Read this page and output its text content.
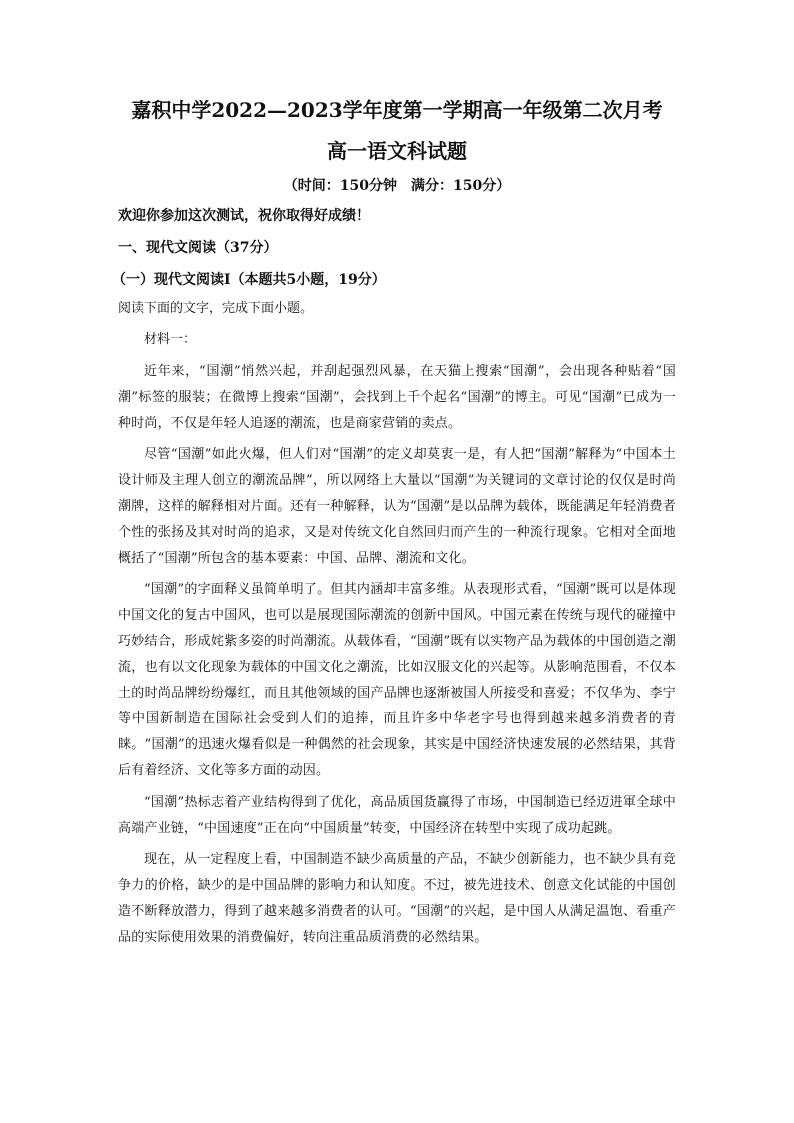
嘉积中学2022—2023学年度第一学期高一年级第二次月考
高一语文科试题
（时间：150分钟　满分：150分）
欢迎你参加这次测试，祝你取得好成绩！
一、现代文阅读（37分）
（一）现代文阅读Ⅰ（本题共5小题，19分）
阅读下面的文字，完成下面小题。
材料一：

近年来，“国潮”悄然兴起，并刮起强烈风暴，在天猫上搜索“国潮”，会出现各种贴着“国潮”标签的服装；在微博上搜索“国潮”，会找到上千个起名“国潮”的博主。可见“国潮”已成为一种时尚，不仅是年轻人追逐的潮流，也是商家营销的卖点。

尽管“国潮”如此火爆，但人们对“国潮”的定义却莫衷一是，有人把“国潮”解释为“中国本土设计师及主理人创立的潮流品牌”，所以网络上大量以“国潮”为关键词的文章讨论的仅仅是时尚潮牌，这样的解释相对片面。还有一种解释，认为“国潮”是以品牌为载体，既能满足年轻消费者个性的张扬及其对时尚的追求，又是对传统文化自然回归而产生的一种流行现象。它相对全面地概括了“国潮”所包含的基本要素：中国、品牌、潮流和文化。

“国潮”的字面释义虽简单明了。但其内涵却丰富多维。从表现形式看，“国潮”既可以是体现中国文化的复古中国风，也可以是展现国际潮流的创新中国风。中国元素在传统与现代的碰撞中巧妙结合，形成姹紫多姿的时尚潮流。从载体看，“国潮”既有以实物产品为载体的中国创造之潮流，也有以文化现象为载体的中国文化之潮流，比如汉服文化的兴起等。从影响范围看，不仅本土的时尚品牌纷纷爆红，而且其他领域的国产品牌也逐渐被国人所接受和喜爱；不仅华为、李宁等中国新制造在国际社会受到人们的追捧，而且许多中华老字号也得到越来越多消费者的青睐。“国潮”的迅速火爆看似是一种偶然的社会现象，其实是中国经济快速发展的必然结果，其背后有着经济、文化等多方面的动因。

“国潮”热标志着产业结构得到了优化，高品质国货赢得了市场，中国制造已经迈进軍全球中高端产业链，“中国速度”正在向“中国质量”转变，中国经济在转型中实现了成功起跳。

现在，从一定程度上看，中国制造不缺少高质量的产品，不缺少创新能力，也不缺少具有竞争力的价格，缺少的是中国品牌的影响力和认知度。不过，被先进技术、创意文化试能的中国创造不断释放潜力，得到了越来越多消费者的认可。“国潮”的兴起，是中国人从满足温饱、看重产品的实际使用效果的消费偏好，转向注重品质消费的必然结果。
